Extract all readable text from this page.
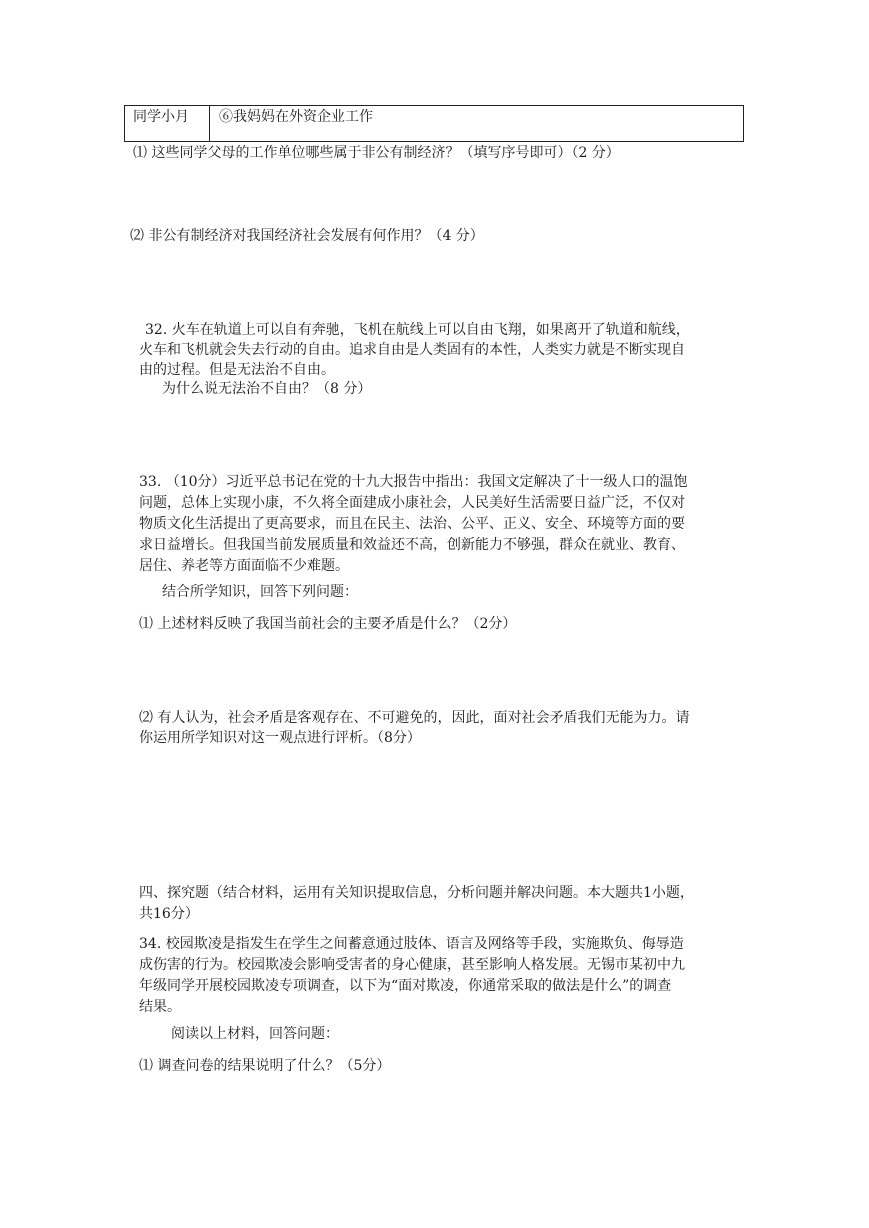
同学小月 ⑥我妈妈在外资企业工作
⑴ 这些同学父母的工作单位哪些属于非公有制经济？（填写序号即可）（2 分）
⑵ 非公有制经济对我国经济社会发展有何作用？（4 分）
32. 火车在轨道上可以自有奔驰，飞机在航线上可以自由飞翔，如果离开了轨道和航线，
火车和飞机就会失去行动的自由。追求自由是人类固有的本性，人类实力就是不断实现自
由的过程。但是无法治不自由。
为什么说无法治不自由？（8 分）
33. （10分）习近平总书记在党的十九大报告中指出：我国文定解决了十一级人口的温饱
问题，总体上实现小康，不久将全面建成小康社会，人民美好生活需要日益广泛，不仅对
物质文化生活提出了更高要求，而且在民主、法治、公平、正义、安全、环境等方面的要
求日益增长。但我国当前发展质量和效益还不高，创新能力不够强，群众在就业、教育、
居住、养老等方面面临不少难题。
结合所学知识，回答下列问题：
⑴ 上述材料反映了我国当前社会的主要矛盾是什么？（2分）
⑵ 有人认为，社会矛盾是客观存在、不可避免的，因此，面对社会矛盾我们无能为力。请
你运用所学知识对这一观点进行评析。（8分）
四、探究题（结合材料，运用有关知识提取信息，分析问题并解决问题。本大题共1小题，
共16分）
34. 校园欺凌是指发生在学生之间蓄意通过肢体、语言及网络等手段，实施欺负、侮辱造
成伤害的行为。校园欺凌会影响受害者的身心健康，甚至影响人格发展。无锡市某初中九
年级同学开展校园欺凌专项调查，以下为“面对欺凌，你通常采取的做法是什么”的调查
结果。
阅读以上材料，回答问题：
⑴ 调查问卷的结果说明了什么？（5分）
